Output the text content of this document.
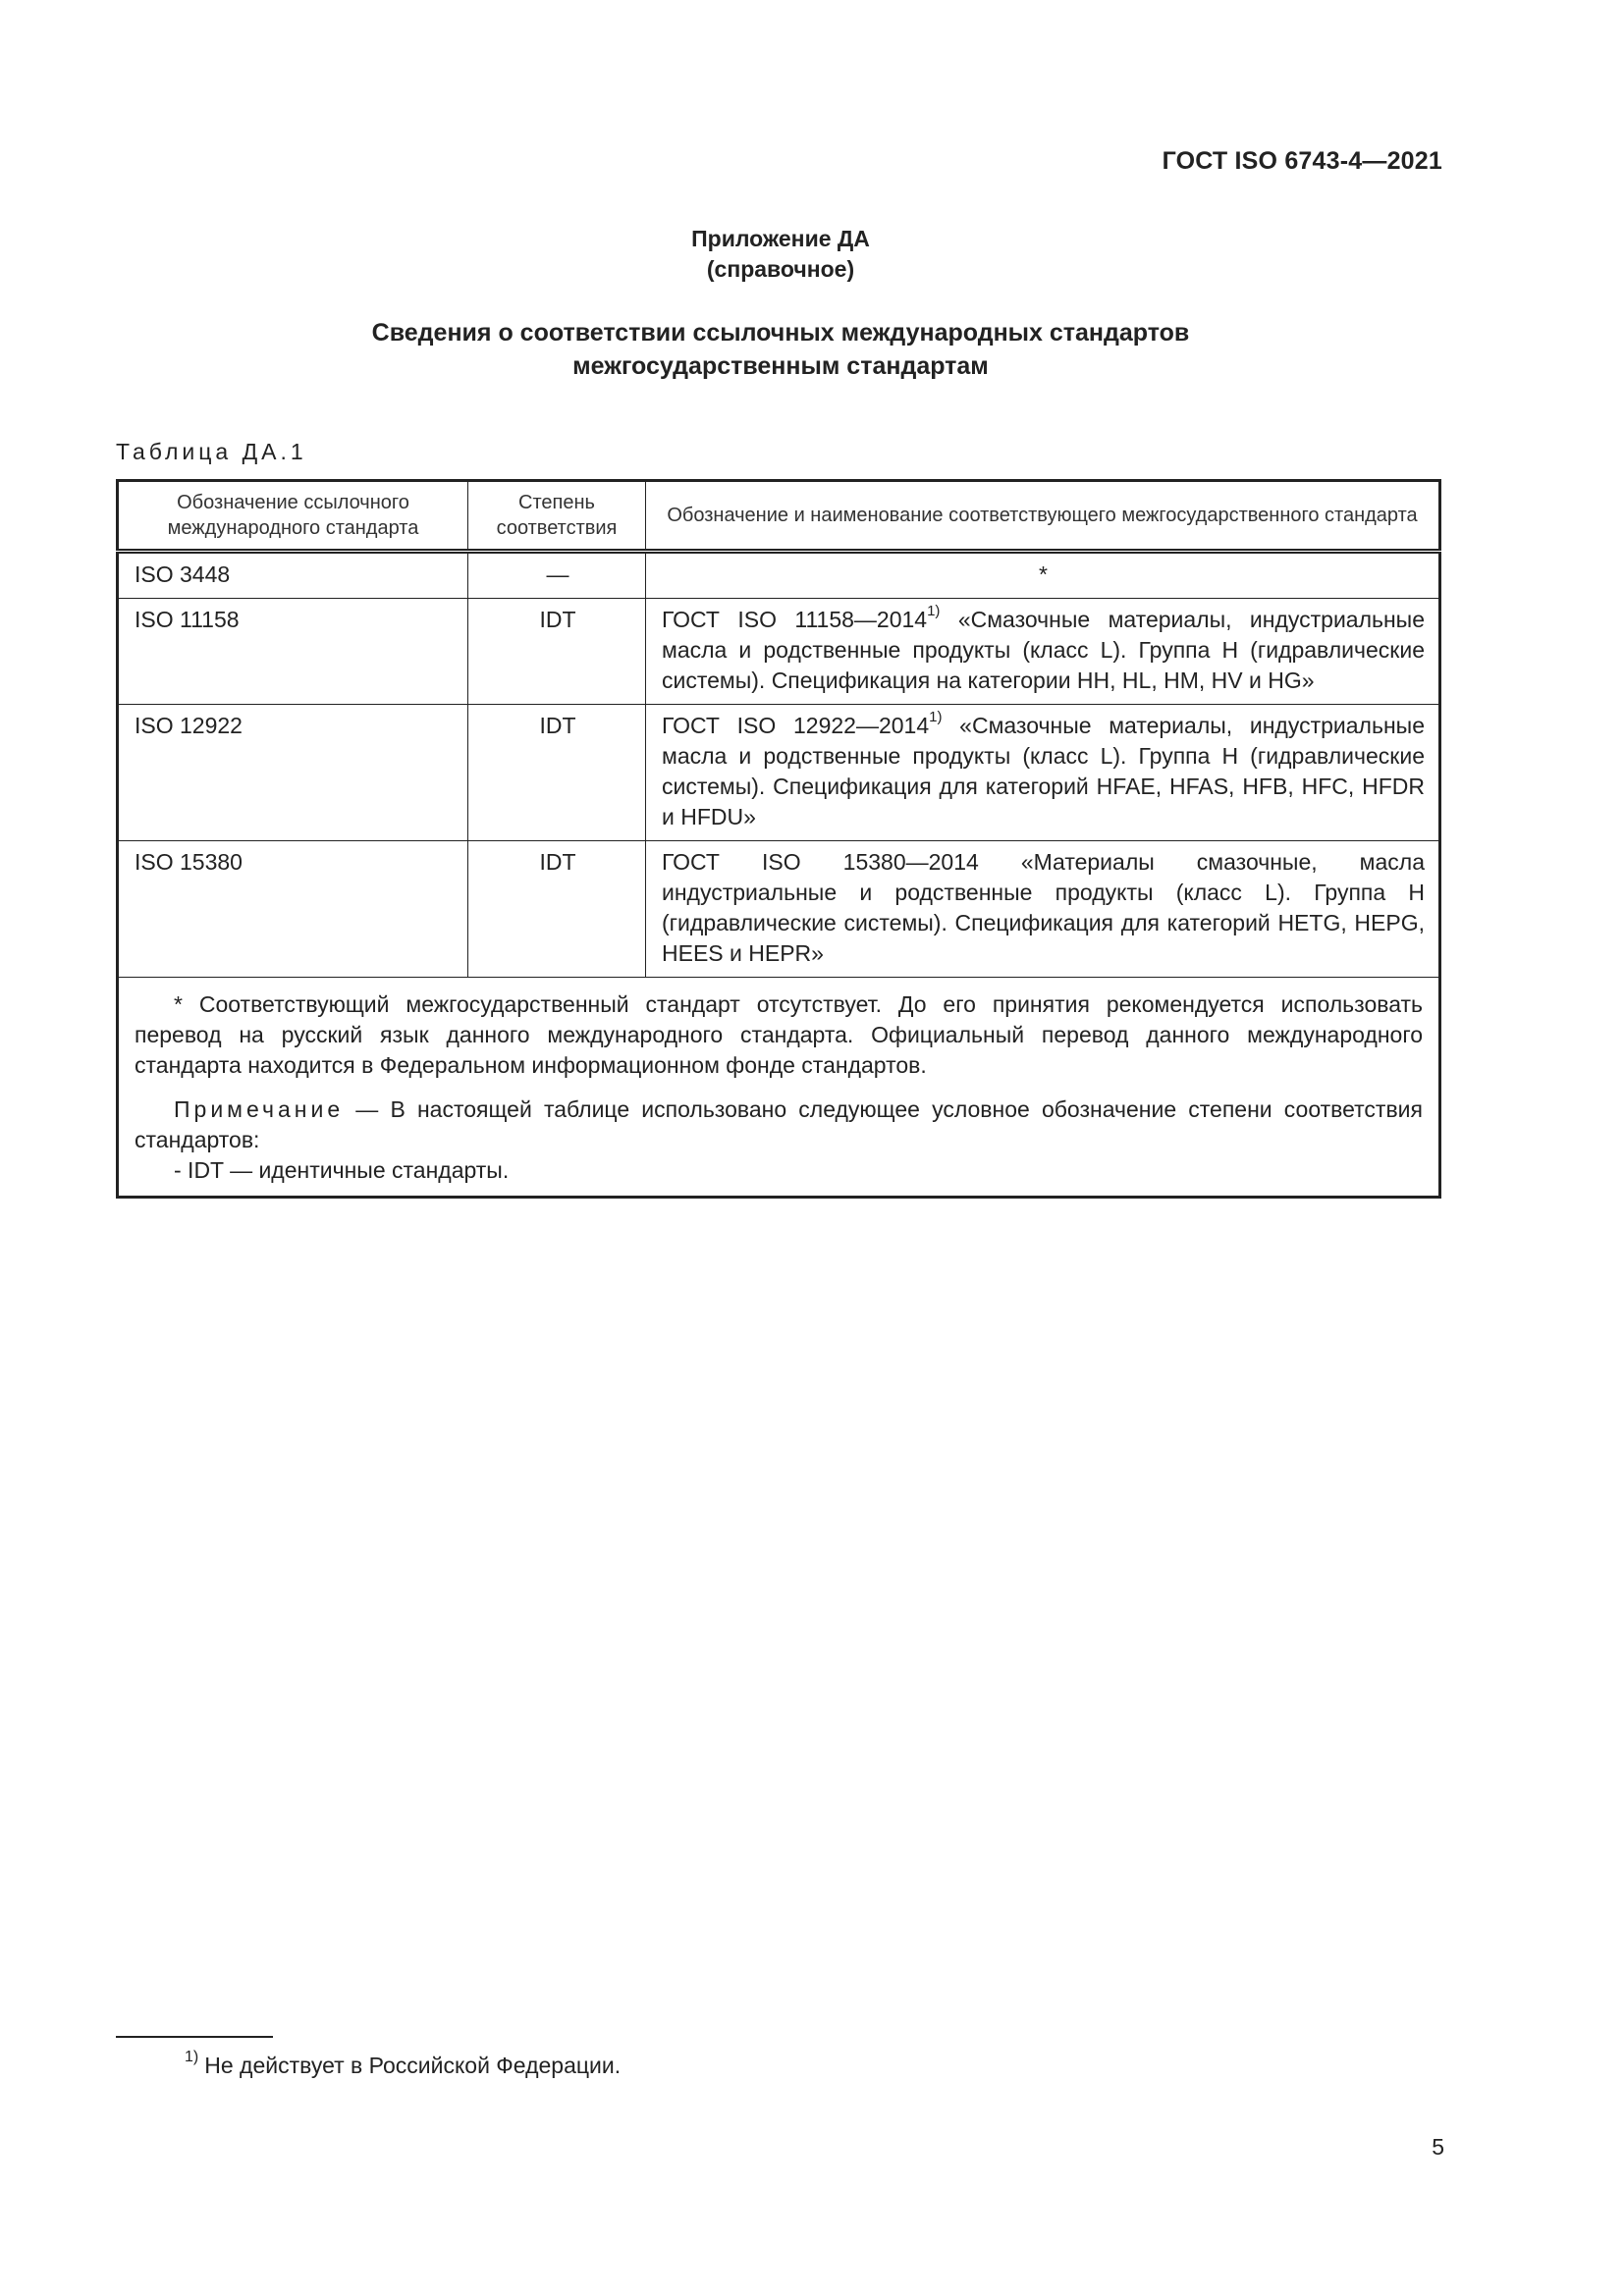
ГОСТ ISO 6743-4—2021
Приложение ДА
(справочное)
Сведения о соответствии ссылочных международных стандартов
межгосударственным стандартам
Таблица ДА.1
Обозначение ссылочного международного стандарта	Степень соответствия	Обозначение и наименование соответствующего межгосударственного стандарта
ISO 3448	—	*
ISO 11158	IDT	ГОСТ ISO 11158—2014$^{1)}$ «Смазочные материалы, индустриальные масла и родственные продукты (класс L). Группа H (гидравлические системы). Спецификация на категории HH, HL, HM, HV и HG»
ISO 12922	IDT	ГОСТ ISO 12922—2014$^{1)}$ «Смазочные материалы, индустриальные масла и родственные продукты (класс L). Группа H (гидравлические системы). Спецификация для категорий HFAE, HFAS, HFB, HFC, HFDR и HFDU»
ISO 15380	IDT	ГОСТ ISO 15380—2014 «Материалы смазочные, масла индустриальные и родственные продукты (класс L). Группа H (гидравлические системы). Спецификация для категорий HETG, HEPG, HEES и HEPR»

* Соответствующий межгосударственный стандарт отсутствует. До его принятия рекомендуется использовать перевод на русский язык данного международного стандарта. Официальный перевод данного международного стандарта находится в Федеральном информационном фонде стандартов.

Примечание — В настоящей таблице использовано следующее условное обозначение степени соответствия стандартов:

- IDT — идентичные стандарты.		

$^{1)}$ Не действует в Российской Федерации.
5
